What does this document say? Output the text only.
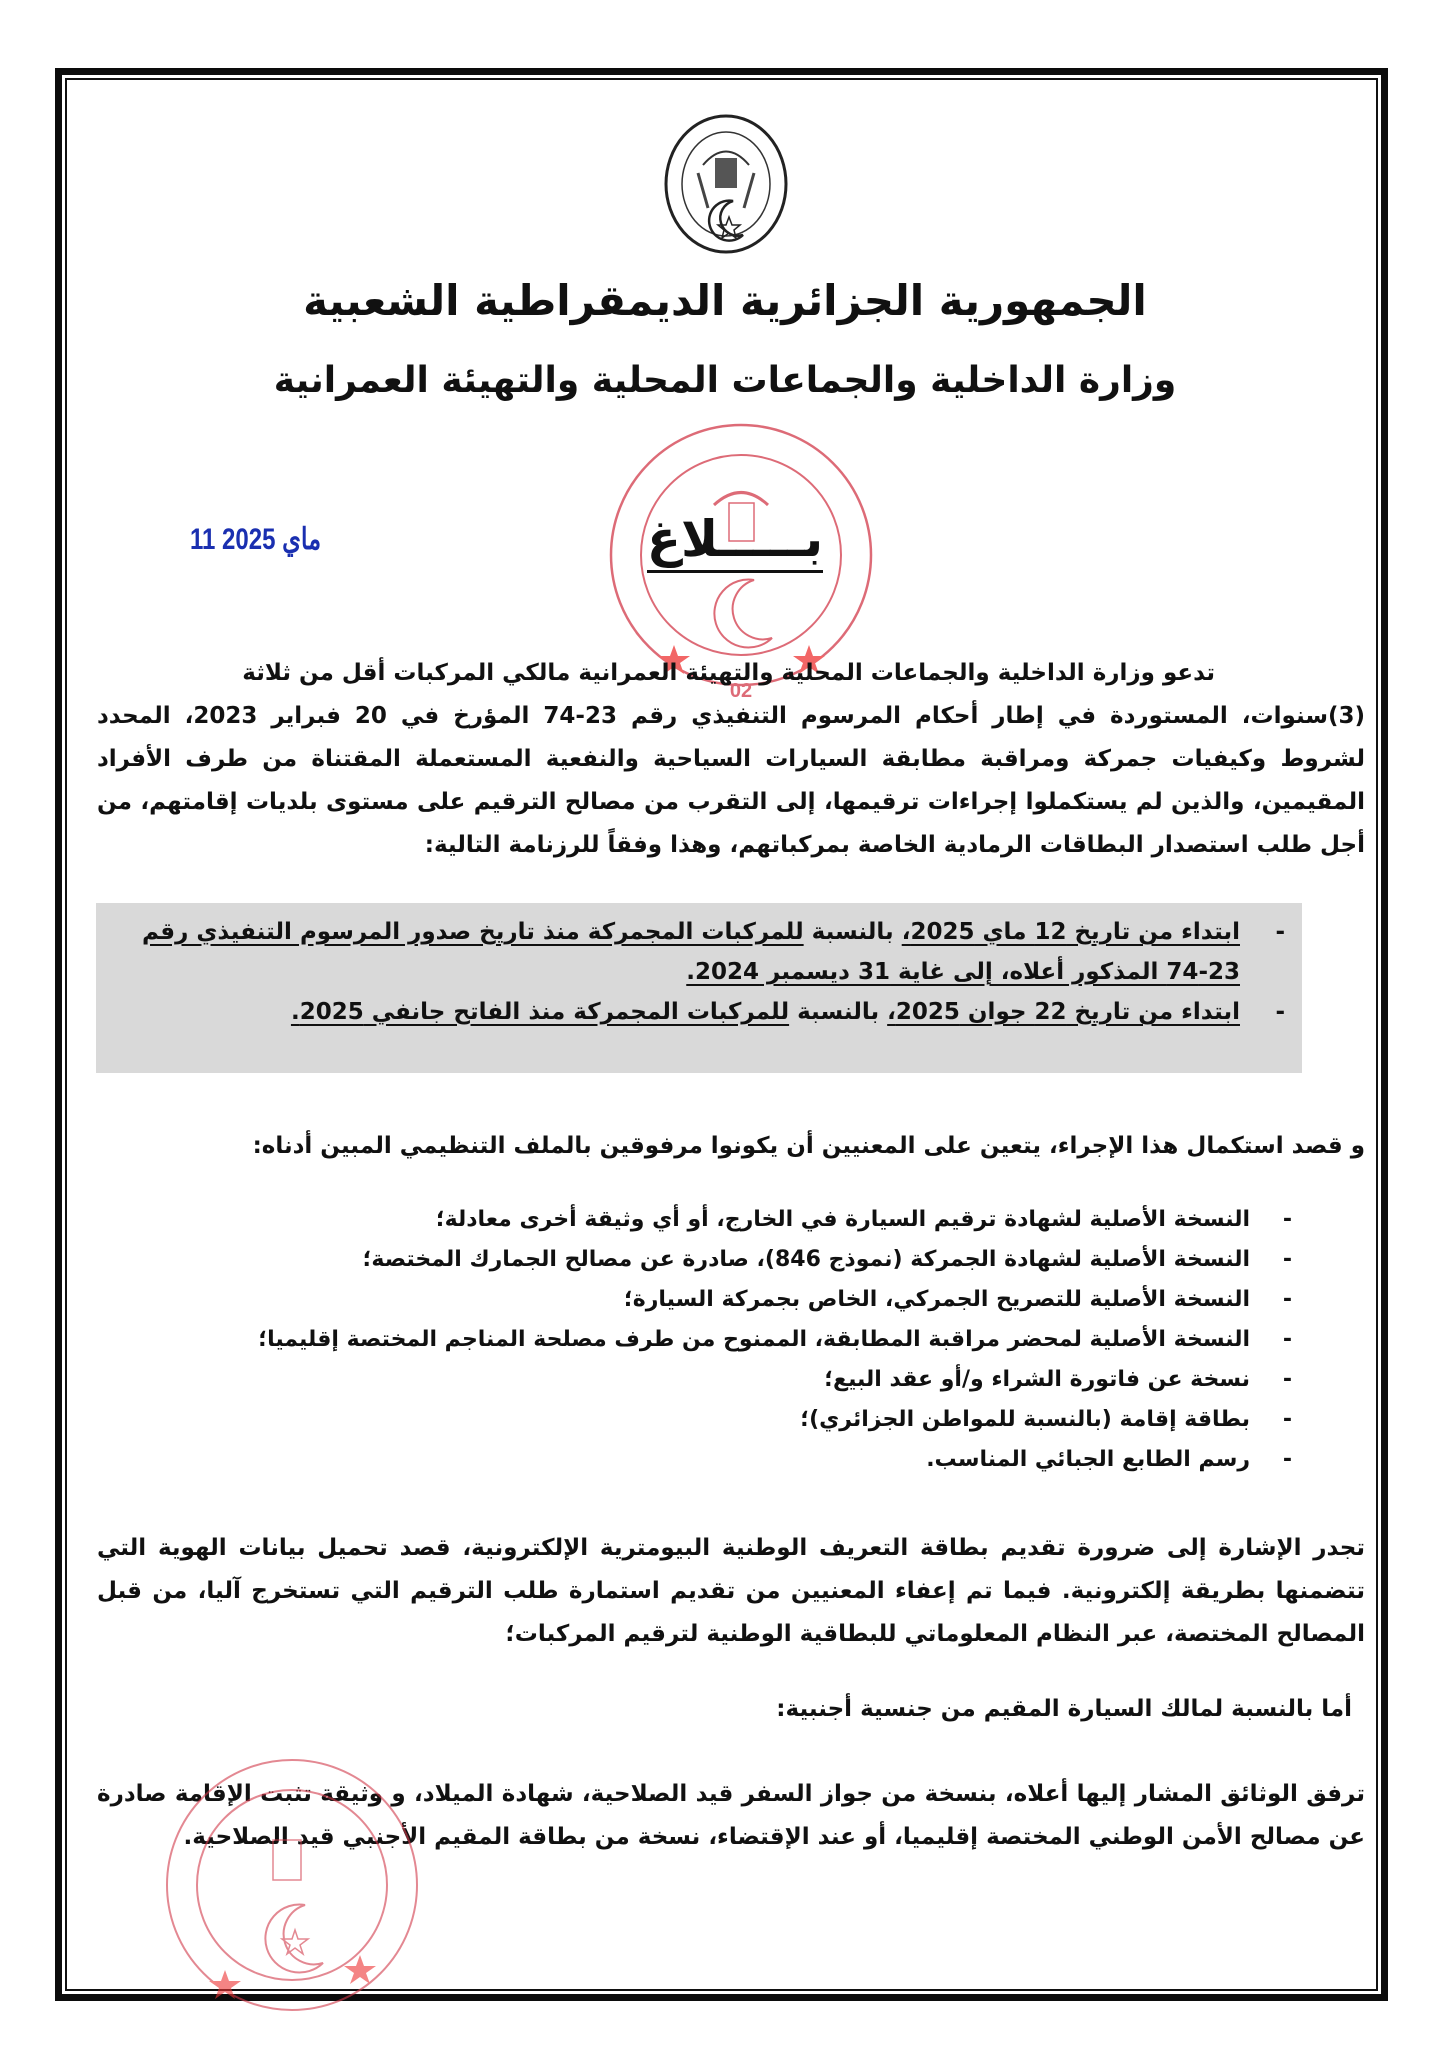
الجمهورية الجزائرية الديمقراطية الشعبية
وزارة الداخلية والجماعات المحلية والتهيئة العمرانية
02
بـــــلاغ
11 ماي 2025
تدعو وزارة الداخلية والجماعات المحلية والتهيئة العمرانية مالكي المركبات أقل من ثلاثة
(3)سنوات، المستوردة في إطار أحكام المرسوم التنفيذي رقم 23-74 المؤرخ في 20 فبراير 2023، المحدد لشروط وكيفيات جمركة ومراقبة مطابقة السيارات السياحية والنفعية المستعملة المقتناة من طرف الأفراد المقيمين، والذين لم يستكملوا إجراءات ترقيمها، إلى التقرب من مصالح الترقيم على مستوى بلديات إقامتهم، من أجل طلب استصدار البطاقات الرمادية الخاصة بمركباتهم، وهذا وفقاً للرزنامة التالية:
-
ابتداء من تاريخ 12 ماي 2025، بالنسبة للمركبات المجمركة منذ تاريخ صدور المرسوم التنفيذي رقم 23-74 المذكور أعلاه، إلى غاية 31 ديسمبر 2024.
-
ابتداء من تاريخ 22 جوان 2025، بالنسبة للمركبات المجمركة منذ الفاتح جانفي 2025.
و قصد استكمال هذا الإجراء، يتعين على المعنيين أن يكونوا مرفوقين بالملف التنظيمي المبين أدناه:
-
النسخة الأصلية لشهادة ترقيم السيارة في الخارج، أو أي وثيقة أخرى معادلة؛
-
النسخة الأصلية لشهادة الجمركة (نموذج 846)، صادرة عن مصالح الجمارك المختصة؛
-
النسخة الأصلية للتصريح الجمركي، الخاص بجمركة السيارة؛
-
النسخة الأصلية لمحضر مراقبة المطابقة، الممنوح من طرف مصلحة المناجم المختصة إقليميا؛
-
نسخة عن فاتورة الشراء و/أو عقد البيع؛
-
بطاقة إقامة (بالنسبة للمواطن الجزائري)؛
-
رسم الطابع الجبائي المناسب.
تجدر الإشارة إلى ضرورة تقديم بطاقة التعريف الوطنية البيومترية الإلكترونية، قصد تحميل بيانات الهوية التي تتضمنها بطريقة إلكترونية. فيما تم إعفاء المعنيين من تقديم استمارة طلب الترقيم التي تستخرج آليا، من قبل المصالح المختصة، عبر النظام المعلوماتي للبطاقية الوطنية لترقيم المركبات؛
أما بالنسبة لمالك السيارة المقيم من جنسية أجنبية:
ترفق الوثائق المشار إليها أعلاه، بنسخة من جواز السفر قيد الصلاحية، شهادة الميلاد، و وثيقة تثبت الإقامة صادرة عن مصالح الأمن الوطني المختصة إقليميا، أو عند الإقتضاء، نسخة من بطاقة المقيم الأجنبي قيد الصلاحية.
